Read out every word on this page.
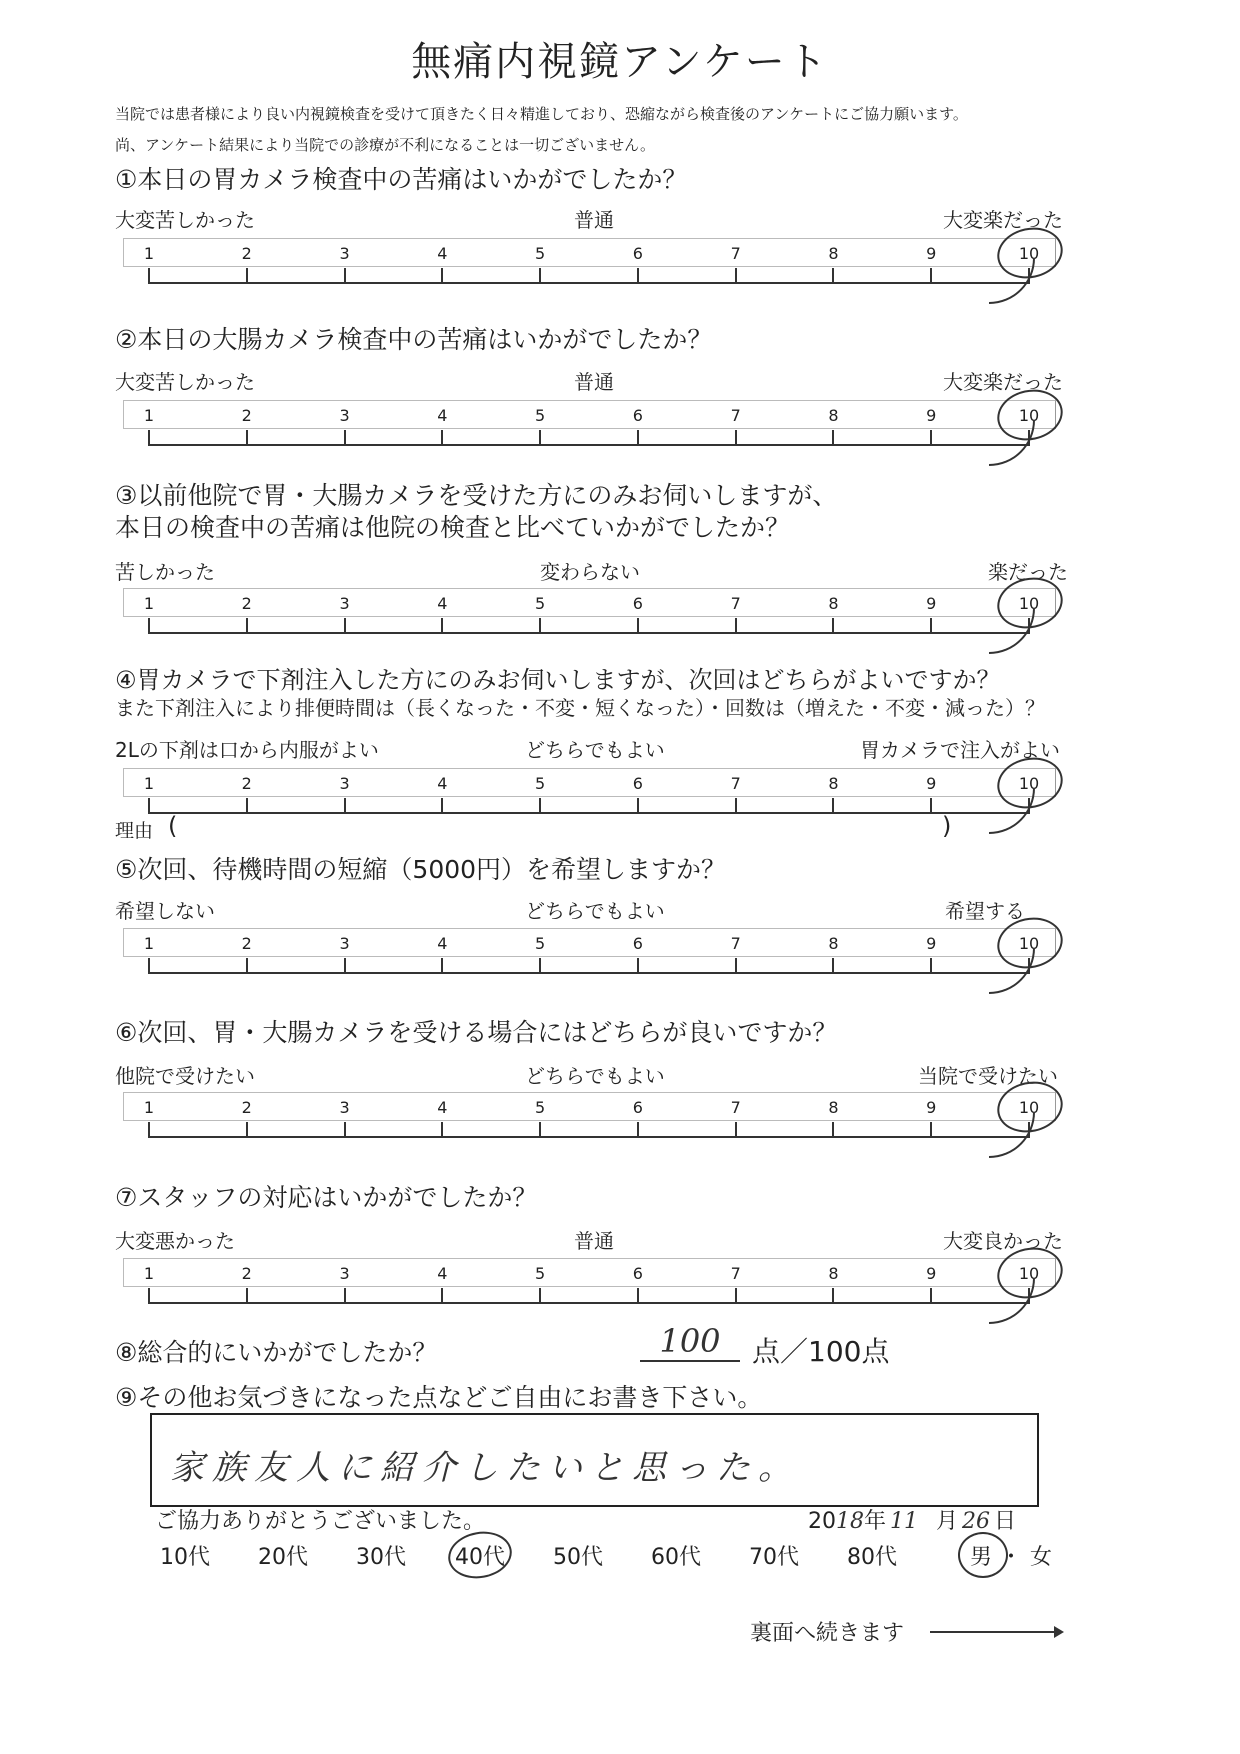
無痛内視鏡アンケート
当院では患者様により良い内視鏡検査を受けて頂きたく日々精進しており、恐縮ながら検査後のアンケートにご協力願います。
尚、アンケート結果により当院での診療が不利になることは一切ございません。
①本日の胃カメラ検査中の苦痛はいかがでしたか？
大変苦しかった	普通	大変楽だった
1	2	3	4	5	6	7	8	9	10
②本日の大腸カメラ検査中の苦痛はいかがでしたか？
大変苦しかった	普通	大変楽だった
1	2	3	4	5	6	7	8	9	10
③以前他院で胃・大腸カメラを受けた方にのみお伺いしますが、
本日の検査中の苦痛は他院の検査と比べていかがでしたか？
苦しかった	変わらない	楽だった
1	2	3	4	5	6	7	8	9	10
④胃カメラで下剤注入した方にのみお伺いしますが、次回はどちらがよいですか？
また下剤注入により排便時間は（長くなった・不変・短くなった）・回数は（増えた・不変・減った）？
2Lの下剤は口から内服がよい	どちらでもよい	胃カメラで注入がよい
1	2	3	4	5	6	7	8	9	10
理由 (	)
⑤次回、待機時間の短縮（5000円）を希望しますか？
希望しない	どちらでもよい	希望する
1	2	3	4	5	6	7	8	9	10
⑥次回、胃・大腸カメラを受ける場合にはどちらが良いですか？
他院で受けたい	どちらでもよい	当院で受けたい
1	2	3	4	5	6	7	8	9	10
⑦スタッフの対応はいかがでしたか？
大変悪かった	普通	大変良かった
1	2	3	4	5	6	7	8	9	10
⑧総合的にいかがでしたか？	100	点／100点
⑨その他お気づきになった点などご自由にお書き下さい。
家族友人に紹介したいと思った。
ご協力ありがとうございました。	2018年 11 月 26 日
10代 20代 30代 40代 50代 60代 70代 80代	男 ・ 女
裏面へ続きます
